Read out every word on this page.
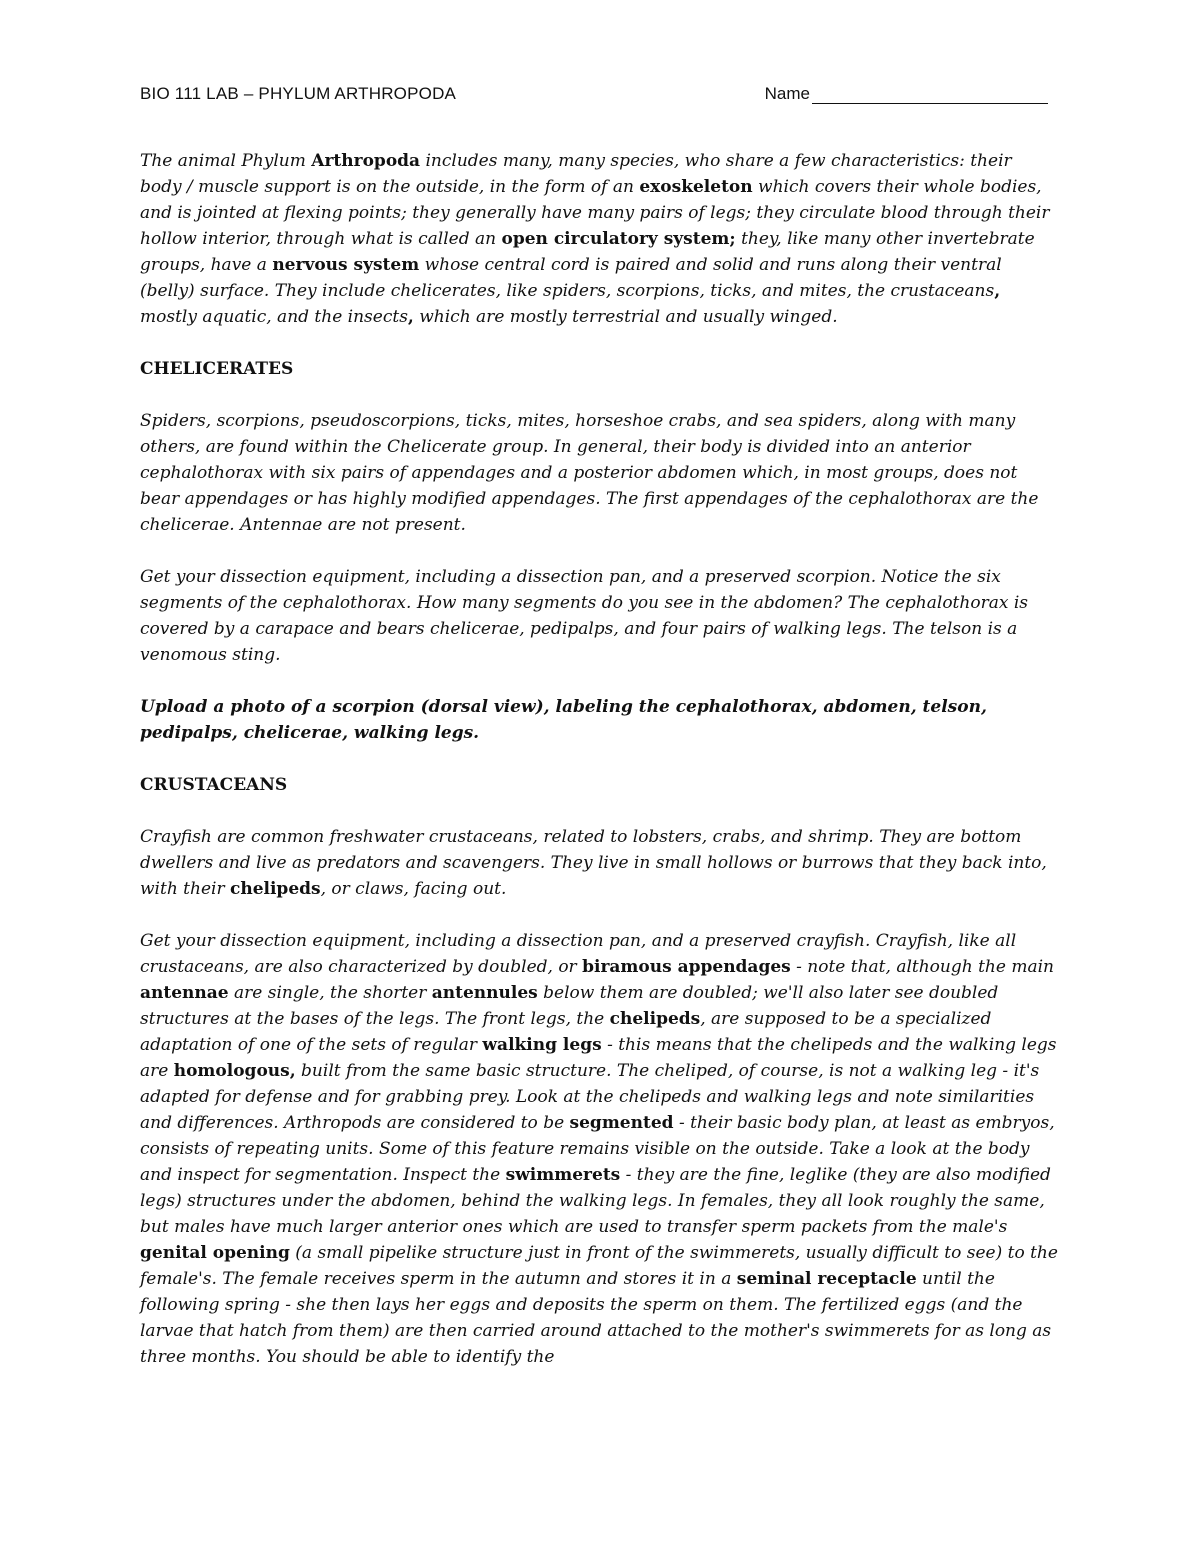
BIO 111 LAB – PHYLUM ARTHROPODA	Name

The animal Phylum Arthropoda includes many, many species, who share a few characteristics: their body / muscle support is on the outside, in the form of an exoskeleton which covers their whole bodies, and is jointed at flexing points; they generally have many pairs of legs; they circulate blood through their hollow interior, through what is called an open circulatory system; they, like many other invertebrate groups, have a nervous system whose central cord is paired and solid and runs along their ventral (belly) surface. They include chelicerates, like spiders, scorpions, ticks, and mites, the crustaceans, mostly aquatic, and the insects, which are mostly terrestrial and usually winged.

CHELICERATES

Spiders, scorpions, pseudoscorpions, ticks, mites, horseshoe crabs, and sea spiders, along with many others, are found within the Chelicerate group. In general, their body is divided into an anterior cephalothorax with six pairs of appendages and a posterior abdomen which, in most groups, does not bear appendages or has highly modified appendages. The first appendages of the cephalothorax are the chelicerae. Antennae are not present.

Get your dissection equipment, including a dissection pan, and a preserved scorpion. Notice the six segments of the cephalothorax. How many segments do you see in the abdomen? The cephalothorax is covered by a carapace and bears chelicerae, pedipalps, and four pairs of walking legs. The telson is a venomous sting.

Upload a photo of a scorpion (dorsal view), labeling the cephalothorax, abdomen, telson, pedipalps, chelicerae, walking legs.

CRUSTACEANS

Crayfish are common freshwater crustaceans, related to lobsters, crabs, and shrimp. They are bottom dwellers and live as predators and scavengers. They live in small hollows or burrows that they back into, with their chelipeds, or claws, facing out.

Get your dissection equipment, including a dissection pan, and a preserved crayfish. Crayfish, like all crustaceans, are also characterized by doubled, or biramous appendages - note that, although the main antennae are single, the shorter antennules below them are doubled; we'll also later see doubled structures at the bases of the legs. The front legs, the chelipeds, are supposed to be a specialized adaptation of one of the sets of regular walking legs - this means that the chelipeds and the walking legs are homologous, built from the same basic structure. The cheliped, of course, is not a walking leg - it's adapted for defense and for grabbing prey. Look at the chelipeds and walking legs and note similarities and differences. Arthropods are considered to be segmented - their basic body plan, at least as embryos, consists of repeating units. Some of this feature remains visible on the outside. Take a look at the body and inspect for segmentation. Inspect the swimmerets - they are the fine, leglike (they are also modified legs) structures under the abdomen, behind the walking legs. In females, they all look roughly the same, but males have much larger anterior ones which are used to transfer sperm packets from the male's genital opening (a small pipelike structure just in front of the swimmerets, usually difficult to see) to the female's. The female receives sperm in the autumn and stores it in a seminal receptacle until the following spring - she then lays her eggs and deposits the sperm on them. The fertilized eggs (and the larvae that hatch from them) are then carried around attached to the mother's swimmerets for as long as three months. You should be able to identify the
